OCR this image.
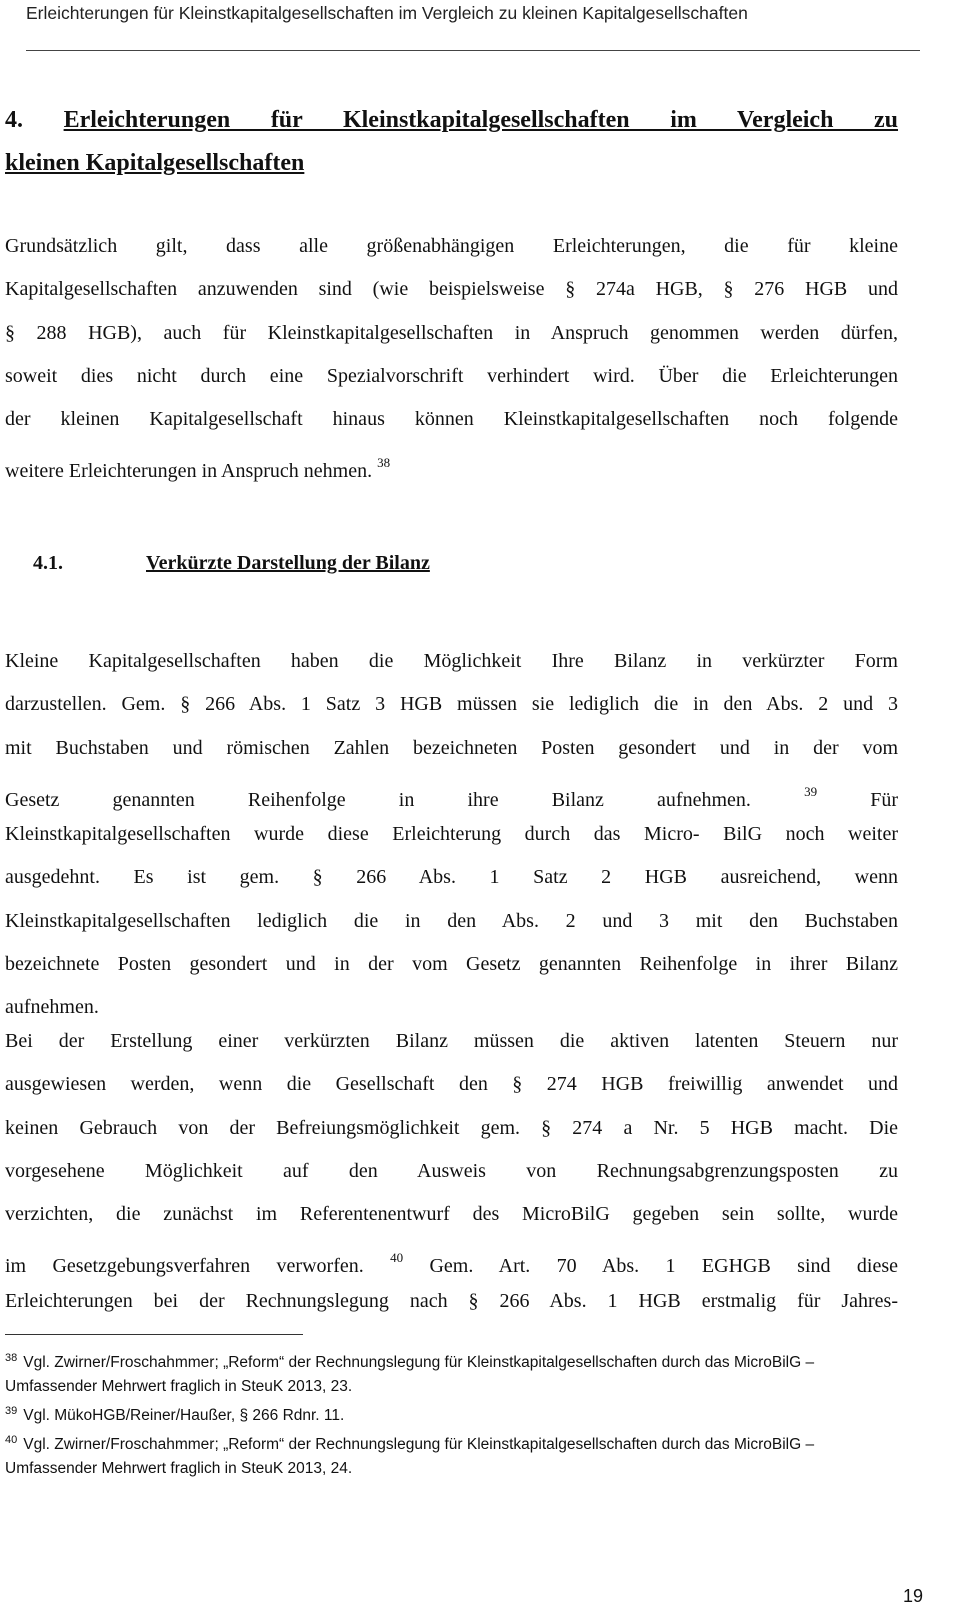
Erleichterungen für Kleinstkapitalgesellschaften im Vergleich zu kleinen Kapitalgesellschaften
4. Erleichterungen für Kleinstkapitalgesellschaften im Vergleich zu
kleinen Kapitalgesellschaften
Grundsätzlich gilt, dass alle größenabhängigen Erleichterungen, die für kleine
Kapitalgesellschaften anzuwenden sind (wie beispielsweise § 274a HGB, § 276 HGB und
§ 288 HGB), auch für Kleinstkapitalgesellschaften in Anspruch genommen werden dürfen,
soweit dies nicht durch eine Spezialvorschrift verhindert wird. Über die Erleichterungen
der kleinen Kapitalgesellschaft hinaus können Kleinstkapitalgesellschaften noch folgende
weitere Erleichterungen in Anspruch nehmen. $^{38}$
4.1.	Verkürzte Darstellung der Bilanz
Kleine Kapitalgesellschaften haben die Möglichkeit Ihre Bilanz in verkürzter Form
darzustellen. Gem. § 266 Abs. 1 Satz 3 HGB müssen sie lediglich die in den Abs. 2 und 3
mit Buchstaben und römischen Zahlen bezeichneten Posten gesondert und in der vom
Gesetz genannten Reihenfolge in ihre Bilanz aufnehmen.	$^{39}$	Für
Kleinstkapitalgesellschaften wurde diese Erleichterung durch das Micro- BilG noch weiter
ausgedehnt. Es ist gem. § 266 Abs. 1 Satz 2 HGB ausreichend, wenn
Kleinstkapitalgesellschaften lediglich die in den Abs. 2 und 3 mit den Buchstaben
bezeichnete Posten gesondert und in der vom Gesetz genannten Reihenfolge in ihrer Bilanz
aufnehmen.
Bei der Erstellung einer verkürzten Bilanz müssen die aktiven latenten Steuern nur
ausgewiesen werden, wenn die Gesellschaft den § 274 HGB freiwillig anwendet und
keinen Gebrauch von der Befreiungsmöglichkeit gem. § 274 a Nr. 5 HGB macht. Die
vorgesehene Möglichkeit auf den Ausweis von Rechnungsabgrenzungsposten zu
verzichten, die zunächst im Referentenentwurf des MicroBilG gegeben sein sollte, wurde
im Gesetzgebungsverfahren verworfen. $^{40}$ Gem. Art. 70 Abs. 1 EGHGB sind diese
Erleichterungen bei der Rechnungslegung nach § 266 Abs. 1 HGB erstmalig für Jahres-

$^{38}$ Vgl. Zwirner/Froschahmmer; „Reform“ der Rechnungslegung für Kleinstkapitalgesellschaften durch das MicroBilG – Umfassender Mehrwert fraglich in SteuK 2013, 23.

$^{39}$ Vgl. MükoHGB/Reiner/Haußer, § 266 Rdnr. 11.

$^{40}$ Vgl. Zwirner/Froschahmmer; „Reform“ der Rechnungslegung für Kleinstkapitalgesellschaften durch das MicroBilG – Umfassender Mehrwert fraglich in SteuK 2013, 24.

19
